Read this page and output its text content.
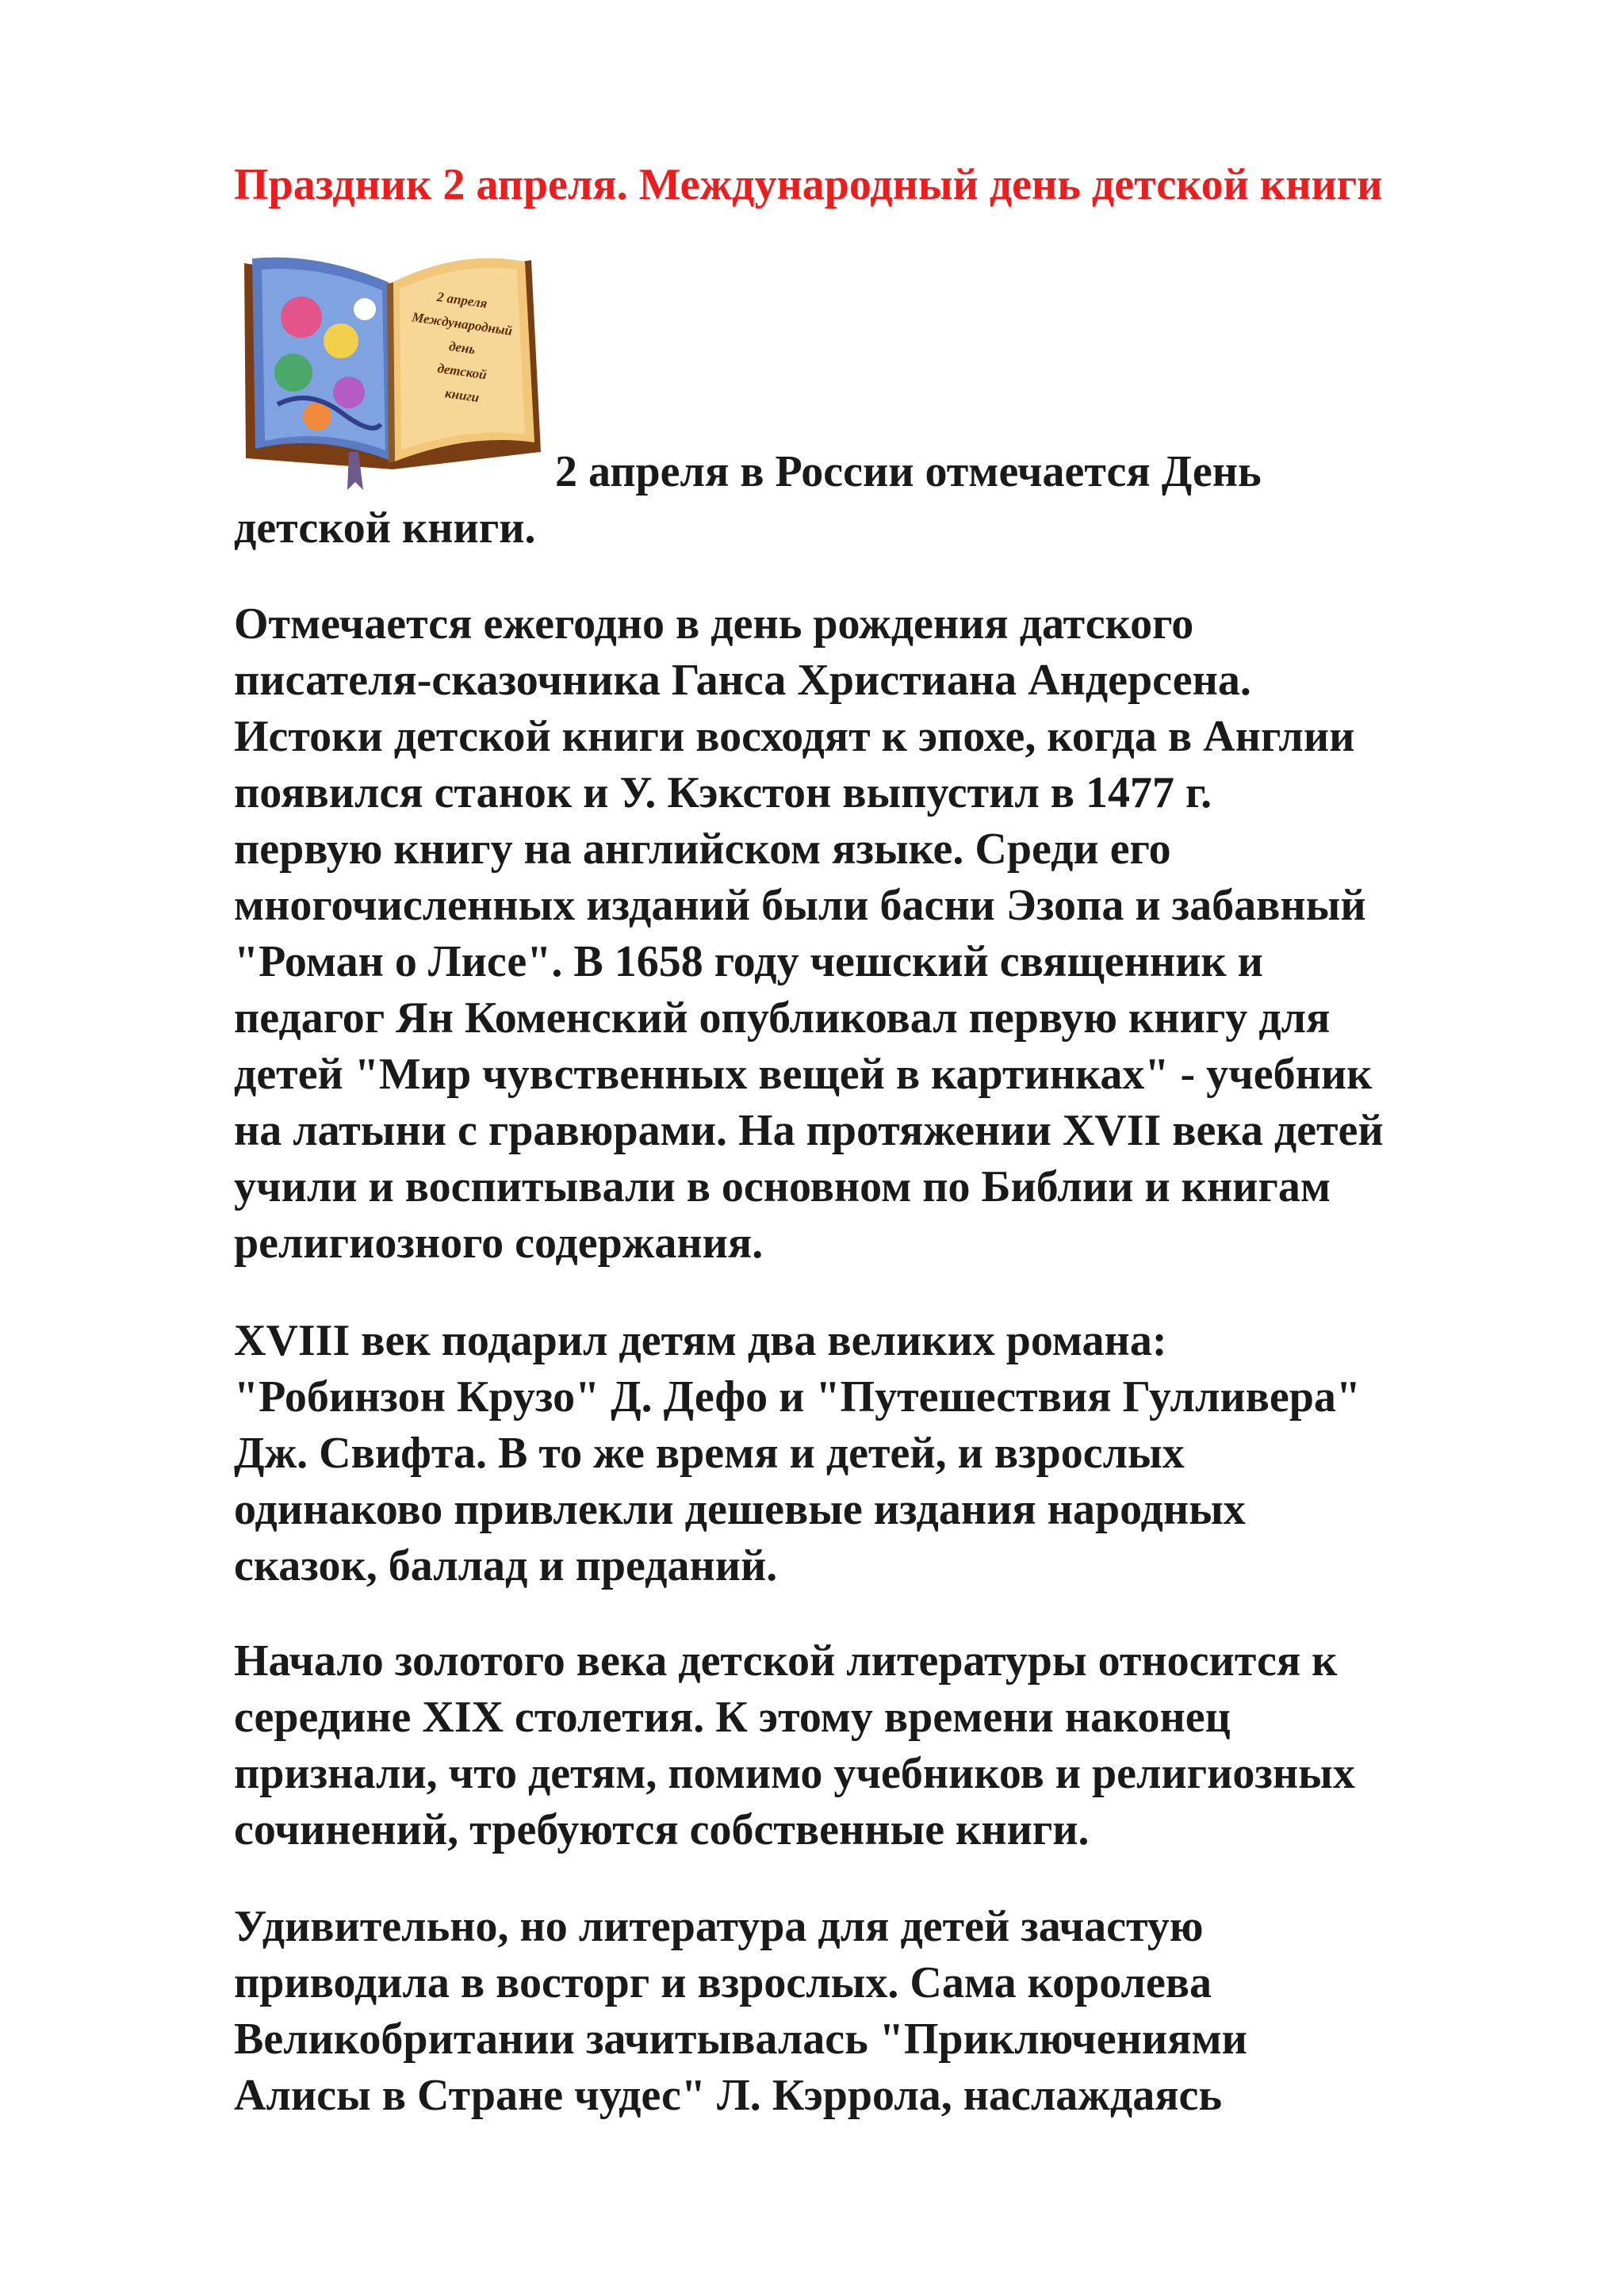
Праздник 2 апреля. Международный день детской книги
2 апреля
Международный
день
детской
книги

2 апреля в России отмечается День
детской книги.

Отмечается ежегодно в день рождения датского
писателя-сказочника Ганса Христиана Андерсена.
Истоки детской книги восходят к эпохе, когда в Англии
появился станок и У. Кэкстон выпустил в 1477 г.
первую книгу на английском языке. Среди его
многочисленных изданий были басни Эзопа и забавный
"Роман о Лисе". В 1658 году чешский священник и
педагог Ян Коменский опубликовал первую книгу для
детей "Мир чувственных вещей в картинках" - учебник
на латыни с гравюрами. На протяжении XVII века детей
учили и воспитывали в основном по Библии и книгам
религиозного содержания.

XVIII век подарил детям два великих романа:
"Робинзон Крузо" Д. Дефо и "Путешествия Гулливера"
Дж. Свифта. В то же время и детей, и взрослых
одинаково привлекли дешевые издания народных
сказок, баллад и преданий.

Начало золотого века детской литературы относится к
середине XIX столетия. К этому времени наконец
признали, что детям, помимо учебников и религиозных
сочинений, требуются собственные книги.

Удивительно, но литература для детей зачастую
приводила в восторг и взрослых. Сама королева
Великобритании зачитывалась "Приключениями
Алисы в Стране чудес" Л. Кэррола, наслаждаясь
